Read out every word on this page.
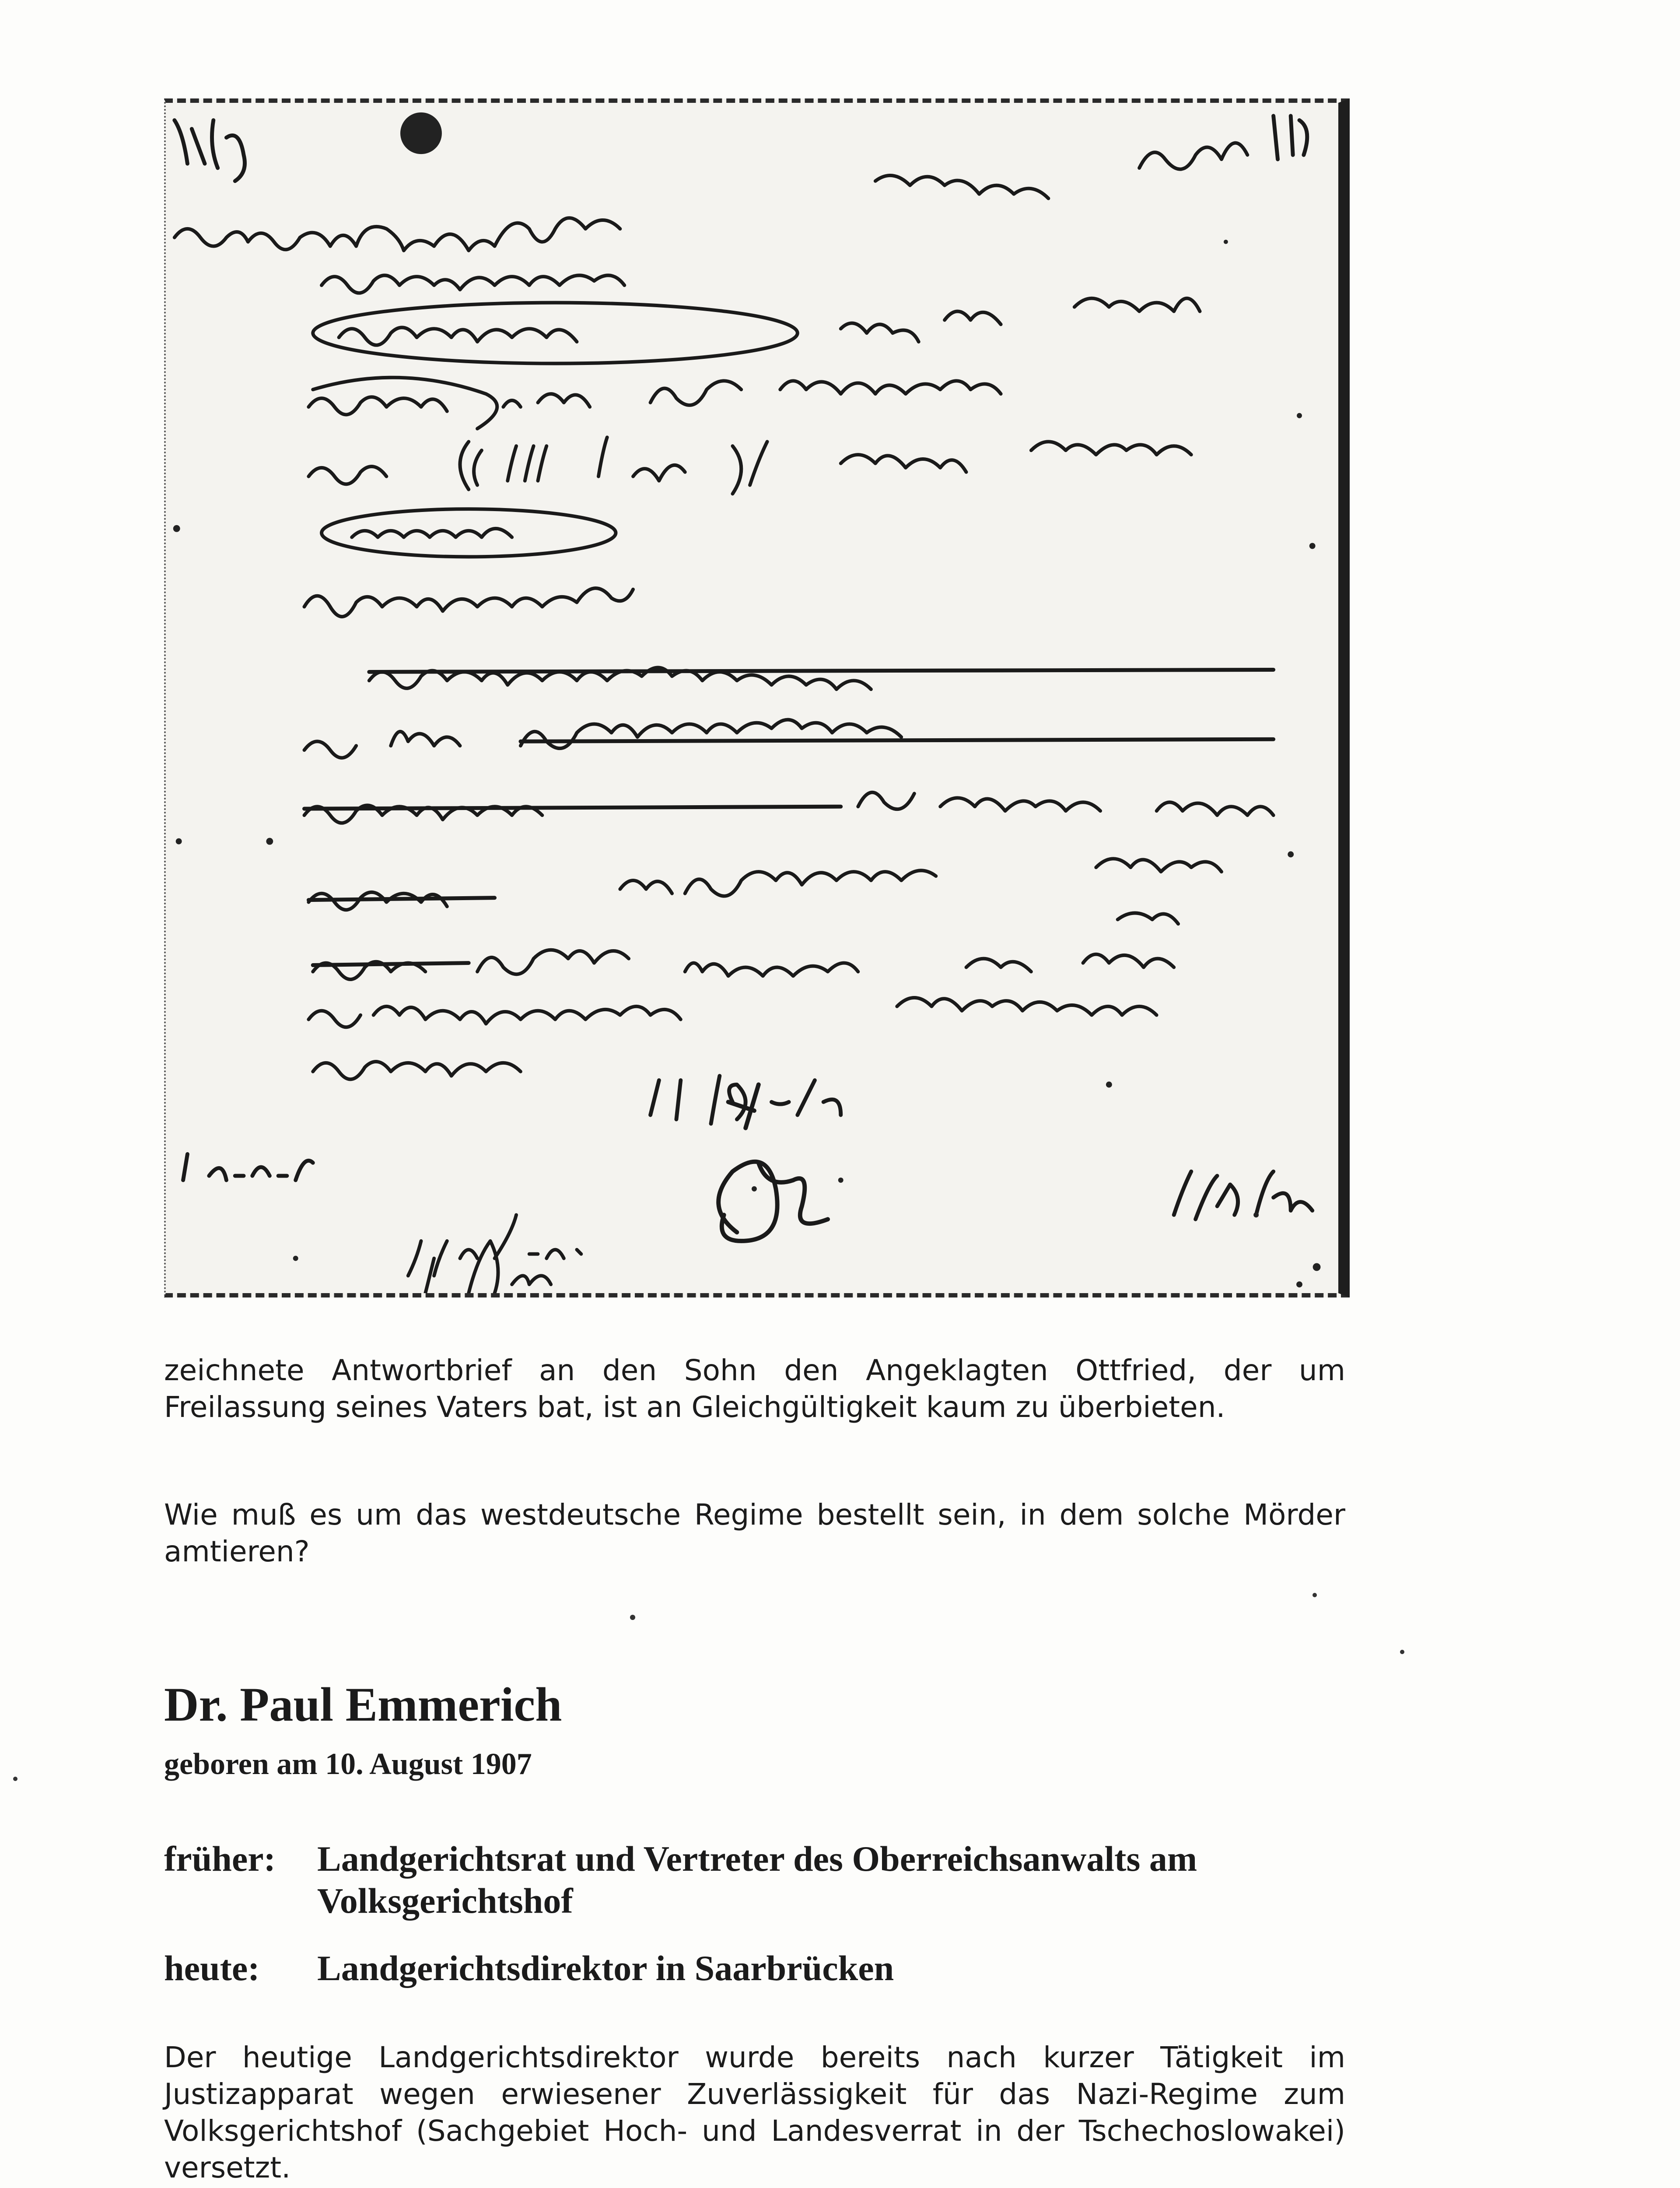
zeichnete Antwortbrief an den Sohn den Angeklagten Ottfried, der um Freilassung seines Vaters bat, ist an Gleichgültigkeit kaum zu überbieten.

Wie muß es um das westdeutsche Regime bestellt sein, in dem solche Mörder amtieren?

Dr. Paul Emmerich

geboren am 10. August 1907

früher: Landgerichtsrat und Vertreter des Oberreichsanwalts am Volksgerichtshof
heute: Landgerichtsdirektor in Saarbrücken

Der heutige Landgerichtsdirektor wurde bereits nach kurzer Tätigkeit im Justizapparat wegen erwiesener Zuverlässigkeit für das Nazi-Regime zum Volksgerichtshof (Sachgebiet Hoch- und Landesverrat in der Tschechoslowakei) versetzt.
